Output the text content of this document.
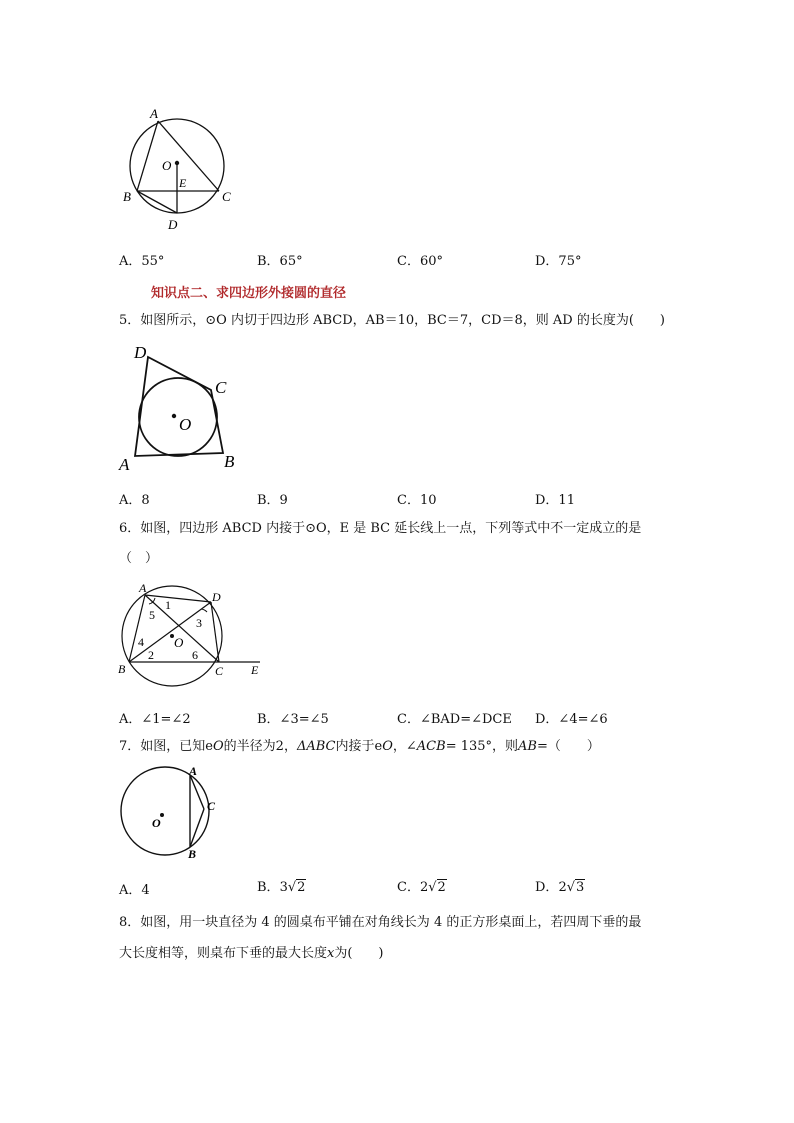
A
O
E
B	C
D
A．55°	B．65°	C．60°	D．75°
知识点二、求四边形外接圆的直径
5．如图所示，⊙O 内切于四边形 ABCD，AB＝10，BC＝7，CD＝8，则 AD 的长度为(　　)
D
C
O
A	B
A．8	B．9	C．10	D．11
6．如图，四边形 ABCD 内接于⊙O，E 是 BC 延长线上一点，下列等式中不一定成立的是
（　）
A
D
1
5
3
4 O
2	6
B	C E
A．∠1=∠2	B．∠3=∠5	C．∠BAD=∠DCE D．∠4=∠6
7．如图，已知eO的半径为2，ΔABC内接于eO，∠ACB= 135°，则AB=（　　）
A
C
O
B
A．4	B．3√2	C．2√2	D．2√3
8．如图，用一块直径为 4 的圆桌布平铺在对角线长为 4 的正方形桌面上，若四周下垂的最
大长度相等，则桌布下垂的最大长度x为(　　)
